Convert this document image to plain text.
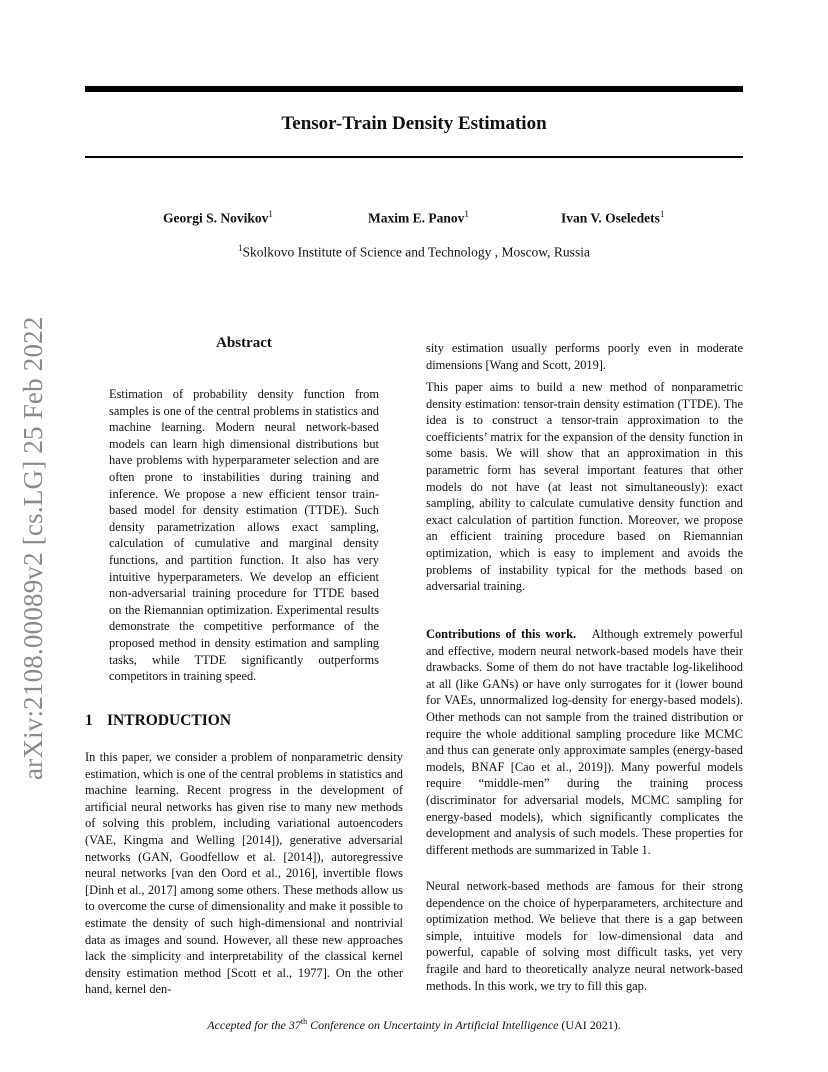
Tensor-Train Density Estimation
Georgi S. Novikov$^1$	Maxim E. Panov$^1$	Ivan V. Oseledets$^1$
$^1$Skolkovo Institute of Science and Technology , Moscow, Russia
arXiv:2108.00089v2 [cs.LG] 25 Feb 2022	Abstract
Estimation of probability density function from samples is one of the central problems in statistics and machine learning. Modern neural network-based models can learn high dimensional distributions but have problems with hyperparameter selection and are often prone to instabilities during training and inference. We propose a new efficient tensor train-based model for density estimation (TTDE). Such density parametrization allows exact sampling, calculation of cumulative and marginal density functions, and partition function. It also has very intuitive hyperparameters. We develop an efficient non-adversarial training procedure for TTDE based on the Riemannian optimization. Experimental results demonstrate the competitive performance of the proposed method in density estimation and sampling tasks, while TTDE significantly outperforms competitors in training speed.
1 INTRODUCTION
In this paper, we consider a problem of nonparametric density estimation, which is one of the central problems in statistics and machine learning. Recent progress in the development of artificial neural networks has given rise to many new methods of solving this problem, including variational autoencoders (VAE, Kingma and Welling [2014]), generative adversarial networks (GAN, Goodfellow et al. [2014]), autoregressive neural networks [van den Oord et al., 2016], invertible flows [Dinh et al., 2017] among some others. These methods allow us to overcome the curse of dimensionality and make it possible to estimate the density of such high-dimensional and nontrivial data as images and sound. However, all these new approaches lack the simplicity and interpretability of the classical kernel density estimation method [Scott et al., 1977]. On the other hand, kernel den-
sity estimation usually performs poorly even in moderate dimensions [Wang and Scott, 2019].
This paper aims to build a new method of nonparametric density estimation: tensor-train density estimation (TTDE). The idea is to construct a tensor-train approximation to the coefficients’ matrix for the expansion of the density function in some basis. We will show that an approximation in this parametric form has several important features that other models do not have (at least not simultaneously): exact sampling, ability to calculate cumulative density function and exact calculation of partition function. Moreover, we propose an efficient training procedure based on Riemannian optimization, which is easy to implement and avoids the problems of instability typical for the methods based on adversarial training.
Contributions of this work. Although extremely powerful and effective, modern neural network-based models have their drawbacks. Some of them do not have tractable log-likelihood at all (like GANs) or have only surrogates for it (lower bound for VAEs, unnormalized log-density for energy-based models). Other methods can not sample from the trained distribution or require the whole additional sampling procedure like MCMC and thus can generate only approximate samples (energy-based models, BNAF [Cao et al., 2019]). Many powerful models require “middle-men” during the training process (discriminator for adversarial models, MCMC sampling for energy-based models), which significantly complicates the development and analysis of such models. These properties for different methods are summarized in Table 1.
Neural network-based methods are famous for their strong dependence on the choice of hyperparameters, architecture and optimization method. We believe that there is a gap between simple, intuitive models for low-dimensional data and powerful, capable of solving most difficult tasks, yet very fragile and hard to theoretically analyze neural network-based methods. In this work, we try to fill this gap.
Accepted for the 37th Conference on Uncertainty in Artificial Intelligence (UAI 2021).
